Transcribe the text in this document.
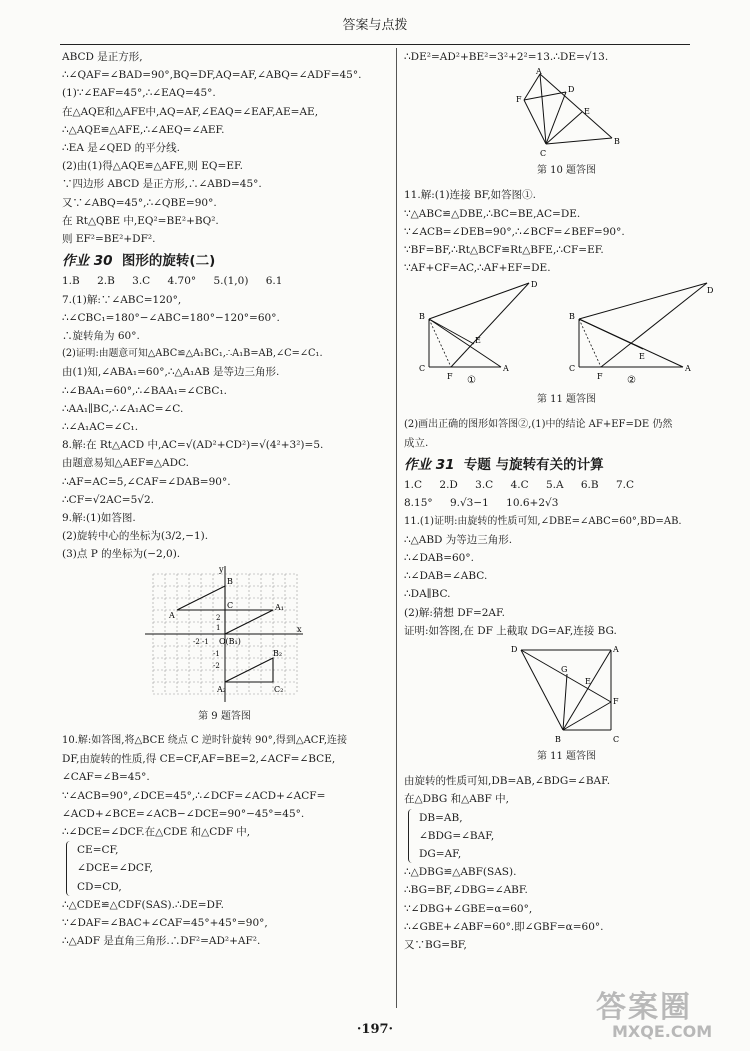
答案与点拨
ABCD 是正方形,
∴∠QAF=∠BAD=90°,BQ=DF,AQ=AF,∠ABQ=∠ADF=45°.
(1)∵∠EAF=45°,∴∠EAQ=45°.
在△AQE和△AFE中,AQ=AF,∠EAQ=∠EAF,AE=AE,
∴△AQE≌△AFE,∴∠AEQ=∠AEF.
∴EA 是∠QED 的平分线.
(2)由(1)得△AQE≌△AFE,则 EQ=EF.
∵四边形 ABCD 是正方形,∴∠ABD=45°.
又∵∠ABQ=45°,∴∠QBE=90°.
在 Rt△QBE 中,EQ²=BE²+BQ².
则 EF²=BE²+DF².
作业 30 图形的旋转(二)
1.B 2.B 3.C 4.70° 5.(1,0) 6.1
7.(1)解:∵∠ABC=120°,
∴∠CBC₁=180°−∠ABC=180°−120°=60°.
∴旋转角为 60°.
(2)证明:由题意可知△ABC≌△A₁BC₁,∴A₁B=AB,∠C=∠C₁.
由(1)知,∠ABA₁=60°,∴△A₁AB 是等边三角形.
∴∠BAA₁=60°,∴∠BAA₁=∠CBC₁.
∴AA₁∥BC,∴∠A₁AC=∠C.
∴∠A₁AC=∠C₁.
8.解:在 Rt△ACD 中,AC=√(AD²+CD²)=√(4²+3²)=5.
由题意易知△AEF≌△ADC.
∴AF=AC=5,∠CAF=∠DAB=90°.
∴CF=√2AC=5√2.
9.解:(1)如答图.
(2)旋转中心的坐标为(3/2,−1).
(3)点 P 的坐标为(−2,0).
y
x
B
A
C	A₁
O(B₁)
B₂
A₂	C₂
2
1
-1
-2
-2 -1
第 9 题答图
10.解:如答图,将△BCE 绕点 C 逆时针旋转 90°,得到△ACF,连接
DF,由旋转的性质,得 CE=CF,AF=BE=2,∠ACF=∠BCE,
∠CAF=∠B=45°.
∵∠ACB=90°,∠DCE=45°,∴∠DCF=∠ACD+∠ACF=
∠ACD+∠BCE=∠ACB−∠DCE=90°−45°=45°.
∴∠DCE=∠DCF.在△CDE 和△CDF 中,
CE=CF,
∠DCE=∠DCF,
CD=CD,
∴△CDE≌△CDF(SAS).∴DE=DF.
∵∠DAF=∠BAC+∠CAF=45°+45°=90°,
∴△ADF 是直角三角形.∴DF²=AD²+AF².
∴DE²=AD²+BE²=3²+2²=13.∴DE=√13.
A
F
D
E
C
B
第 10 题答图
11.解:(1)连接 BF,如答图①.
∵△ABC≌△DBE,∴BC=BE,AC=DE.
∵∠ACB=∠DEB=90°,∴∠BCF=∠BEF=90°.
∵BF=BF,∴Rt△BCF≌Rt△BFE,∴CF=EF.
∵AF+CF=AC,∴AF+EF=DE.
B
D
E
C
F
A
①
B
D
E
C
F
A
②
第 11 题答图
(2)画出正确的图形如答图②,(1)中的结论 AF+EF=DE 仍然
成立.
作业 31 专题 与旋转有关的计算
1.C 2.D 3.C 4.C 5.A 6.B 7.C
8.15° 9.√3−1 10.6+2√3
11.(1)证明:由旋转的性质可知,∠DBE=∠ABC=60°,BD=AB.
∴△ABD 为等边三角形.
∴∠DAB=60°.
∴∠DAB=∠ABC.
∴DA∥BC.
(2)解:猜想 DF=2AF.
证明:如答图,在 DF 上截取 DG=AF,连接 BG.
D	A
G
E
F
B	C
第 11 题答图
由旋转的性质可知,DB=AB,∠BDG=∠BAF.
在△DBG 和△ABF 中,
DB=AB,
∠BDG=∠BAF,
DG=AF,
∴△DBG≌△ABF(SAS).
∴BG=BF,∠DBG=∠ABF.
∵∠DBG+∠GBE=α=60°,
∴∠GBE+∠ABF=60°.即∠GBF=α=60°.
又∵BG=BF,
·197·
答案圈
MXQE.COM
